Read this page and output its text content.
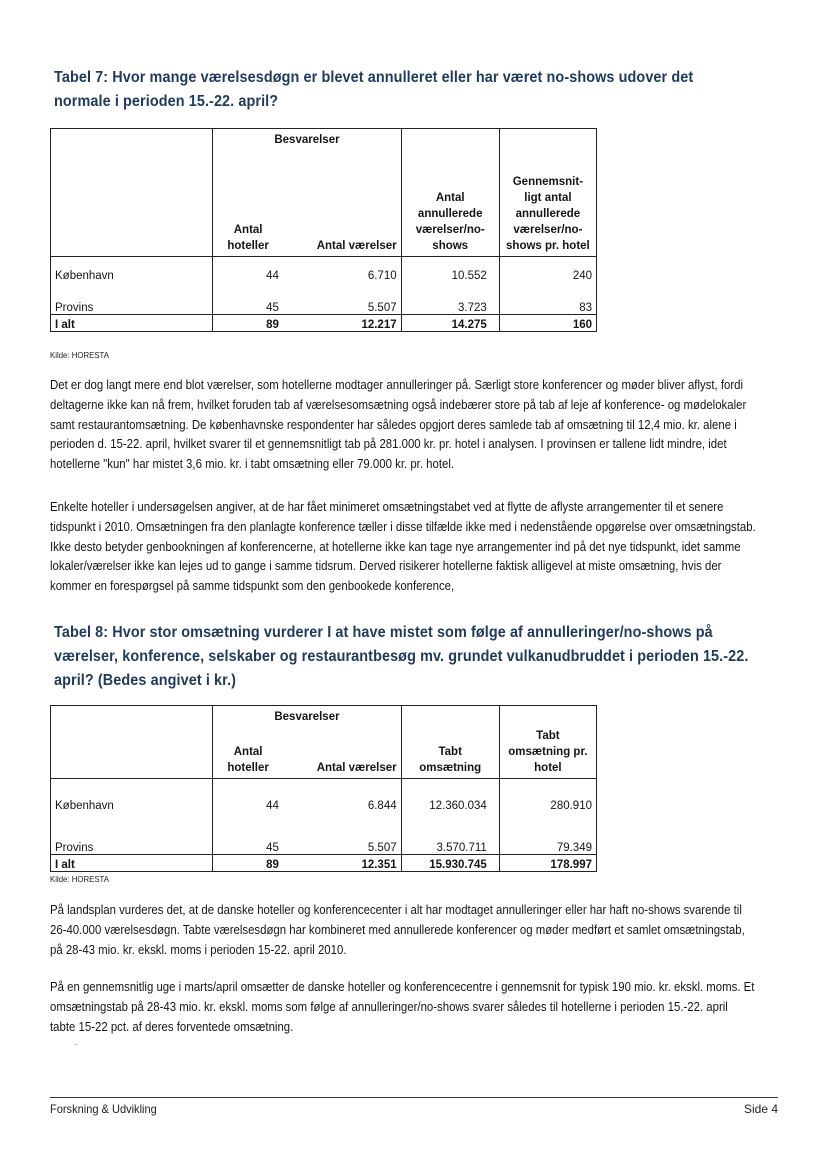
Tabel 7: Hvor mange værelsesdøgn er blevet annulleret eller har været no-shows udover det normale i perioden 15.-22. april?
	Besvarelser			
	Antal hoteller	Antal værelser	Antal annullerede værelser/no-shows	Gennemsnit-ligt antal annullerede værelser/no-shows pr. hotel
København	44	6.710	10.552	240
Provins	45	5.507	3.723	83
I alt	89	12.217	14.275	160
Kilde: HORESTA

Det er dog langt mere end blot værelser, som hotellerne modtager annulleringer på. Særligt store konferencer og møder bliver aflyst, fordi deltagerne ikke kan nå frem, hvilket foruden tab af værelsesomsætning også indebærer store på tab af leje af konference- og mødelokaler samt restaurantomsætning. De københavnske respondenter har således opgjort deres samlede tab af omsætning til 12,4 mio. kr. alene i perioden d. 15-22. april, hvilket svarer til et gennemsnitligt tab på 281.000 kr. pr. hotel i analysen. I provinsen er tallene lidt mindre, idet hotellerne "kun" har mistet 3,6 mio. kr. i tabt omsætning eller 79.000 kr. pr. hotel.

Enkelte hoteller i undersøgelsen angiver, at de har fået minimeret omsætningstabet ved at flytte de aflyste arrangementer til et senere tidspunkt i 2010. Omsætningen fra den planlagte konference tæller i disse tilfælde ikke med i nedenstående opgørelse over omsætningstab. Ikke desto betyder genbookningen af konferencerne, at hotellerne ikke kan tage nye arrangementer ind på det nye tidspunkt, idet samme lokaler/værelser ikke kan lejes ud to gange i samme tidsrum. Derved risikerer hotellerne faktisk alligevel at miste omsætning, hvis der kommer en forespørgsel på samme tidspunkt som den genbookede konference,

Tabel 8: Hvor stor omsætning vurderer I at have mistet som følge af annulleringer/no-shows på værelser, konference, selskaber og restaurantbesøg mv. grundet vulkanudbruddet i perioden 15.-22. april? (Bedes angivet i kr.)
	Besvarelser			
	Antal hoteller	Antal værelser	Tabt omsætning	Tabt omsætning pr. hotel
København	44	6.844	12.360.034	280.910
Provins	45	5.507	3.570.711	79.349
I alt	89	12.351	15.930.745	178.997
Kilde: HORESTA

På landsplan vurderes det, at de danske hoteller og konferencecenter i alt har modtaget annulleringer eller har haft no-shows svarende til 26-40.000 værelsesdøgn. Tabte værelsesdøgn har kombineret med annullerede konferencer og møder medført et samlet omsætningstab, på 28-43 mio. kr. ekskl. moms i perioden 15-22. april 2010.

På en gennemsnitlig uge i marts/april omsætter de danske hoteller og konferencecentre i gennemsnit for typisk 190 mio. kr. ekskl. moms. Et omsætningstab på 28-43 mio. kr. ekskl. moms som følge af annulleringer/no-shows svarer således til hotellerne i perioden 15.-22. april tabte 15-22 pct. af deres forventede omsætning.

Forskning & Udvikling	Side 4
